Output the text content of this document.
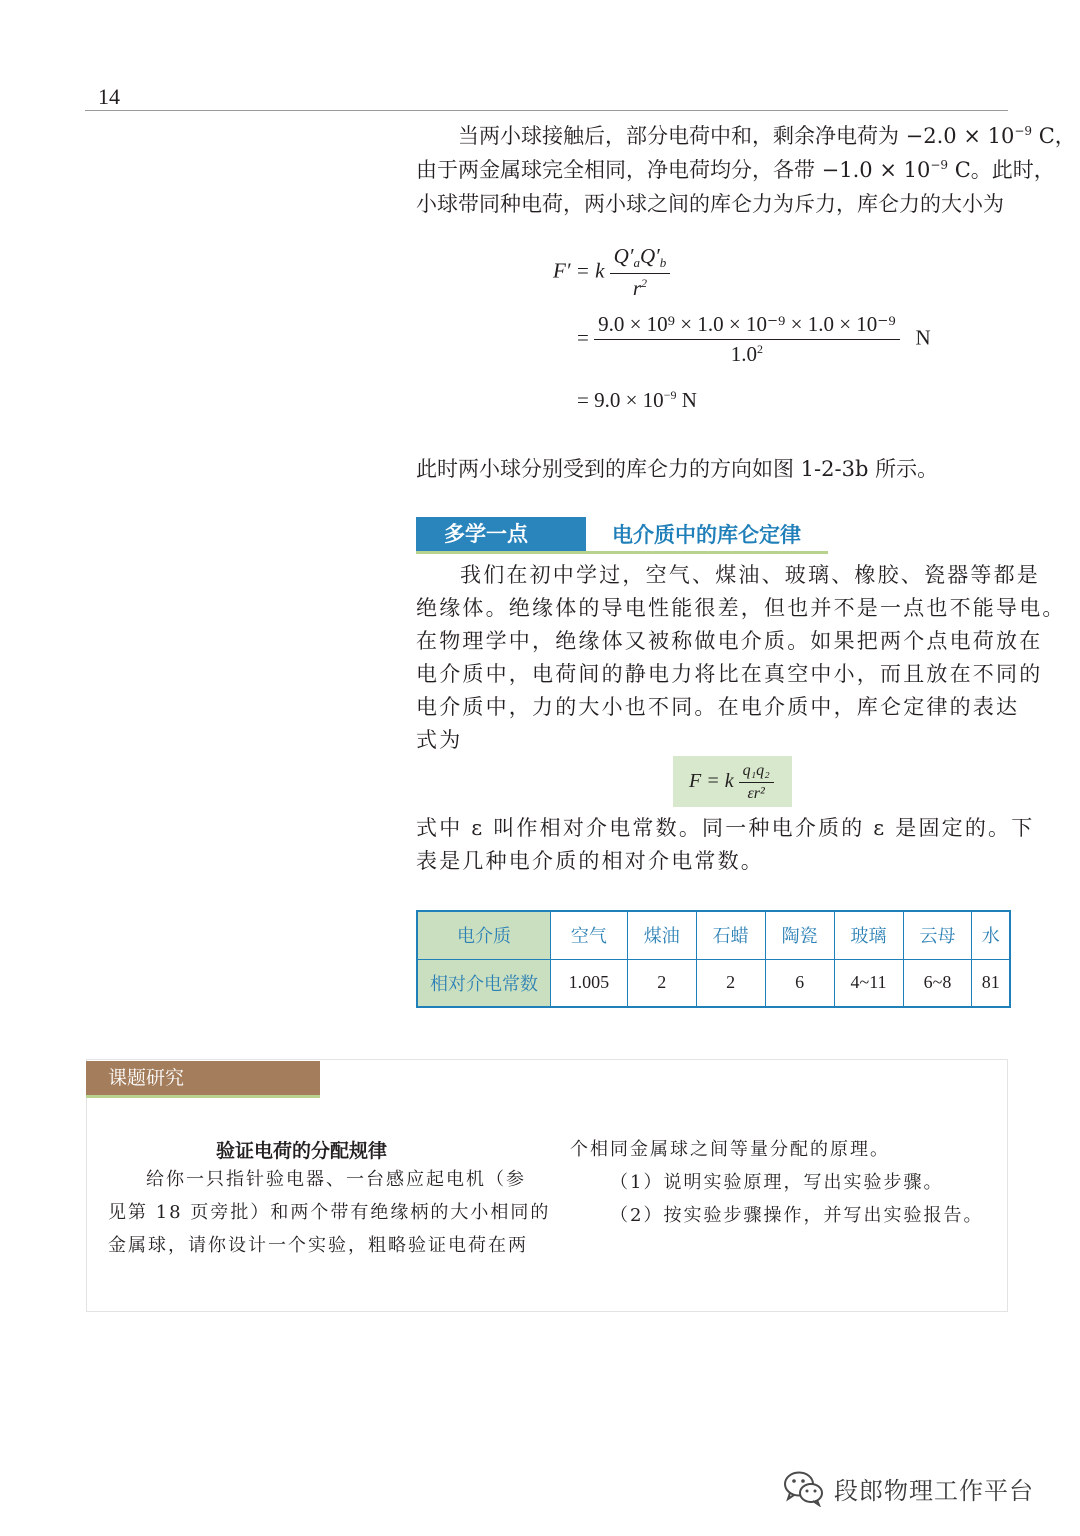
14
当两小球接触后，部分电荷中和，剩余净电荷为 $-2.0 \times 10^{-9}$ C，
由于两金属球完全相同，净电荷均分，各带 $-1.0 \times 10^{-9}$ C。此时，
小球带同种电荷，两小球之间的库仑力为斥力，库仑力的大小为
F′ = k $\frac{Q'aQ'b}{r^2}$
= $\frac{\text{9.0 × 10⁹ × 1.0 × 10⁻⁹ × 1.0 × 10⁻⁹}}{1.0^2}$ N
= $9.0 \times 10^{-9}$ N
此时两小球分别受到的库仑力的方向如图 1-2-3b 所示。
多学一点	电介质中的库仑定律
我们在初中学过，空气、煤油、玻璃、橡胶、瓷器等都是
绝缘体。绝缘体的导电性能很差，但也并不是一点也不能导电。
在物理学中，绝缘体又被称做电介质。如果把两个点电荷放在
电介质中，电荷间的静电力将比在真空中小，而且放在不同的
电介质中，力的大小也不同。在电介质中，库仑定律的表达
式为
F = k $\frac{\text{q₁q₂}}{\text{εr²}}$
式中 ε 叫作相对介电常数。同一种电介质的 ε 是固定的。下
表是几种电介质的相对介电常数。
电介质	空气	煤油	石蜡	陶瓷	玻璃	云母	水
相对介电常数	1.005	2	2	6	4~11	6~8	81
课题研究
验证电荷的分配规律
给你一只指针验电器、一台感应起电机（参
见第 18 页旁批）和两个带有绝缘柄的大小相同的
金属球，请你设计一个实验，粗略验证电荷在两
个相同金属球之间等量分配的原理。
（1）说明实验原理，写出实验步骤。
（2）按实验步骤操作，并写出实验报告。
段郎物理工作平台
